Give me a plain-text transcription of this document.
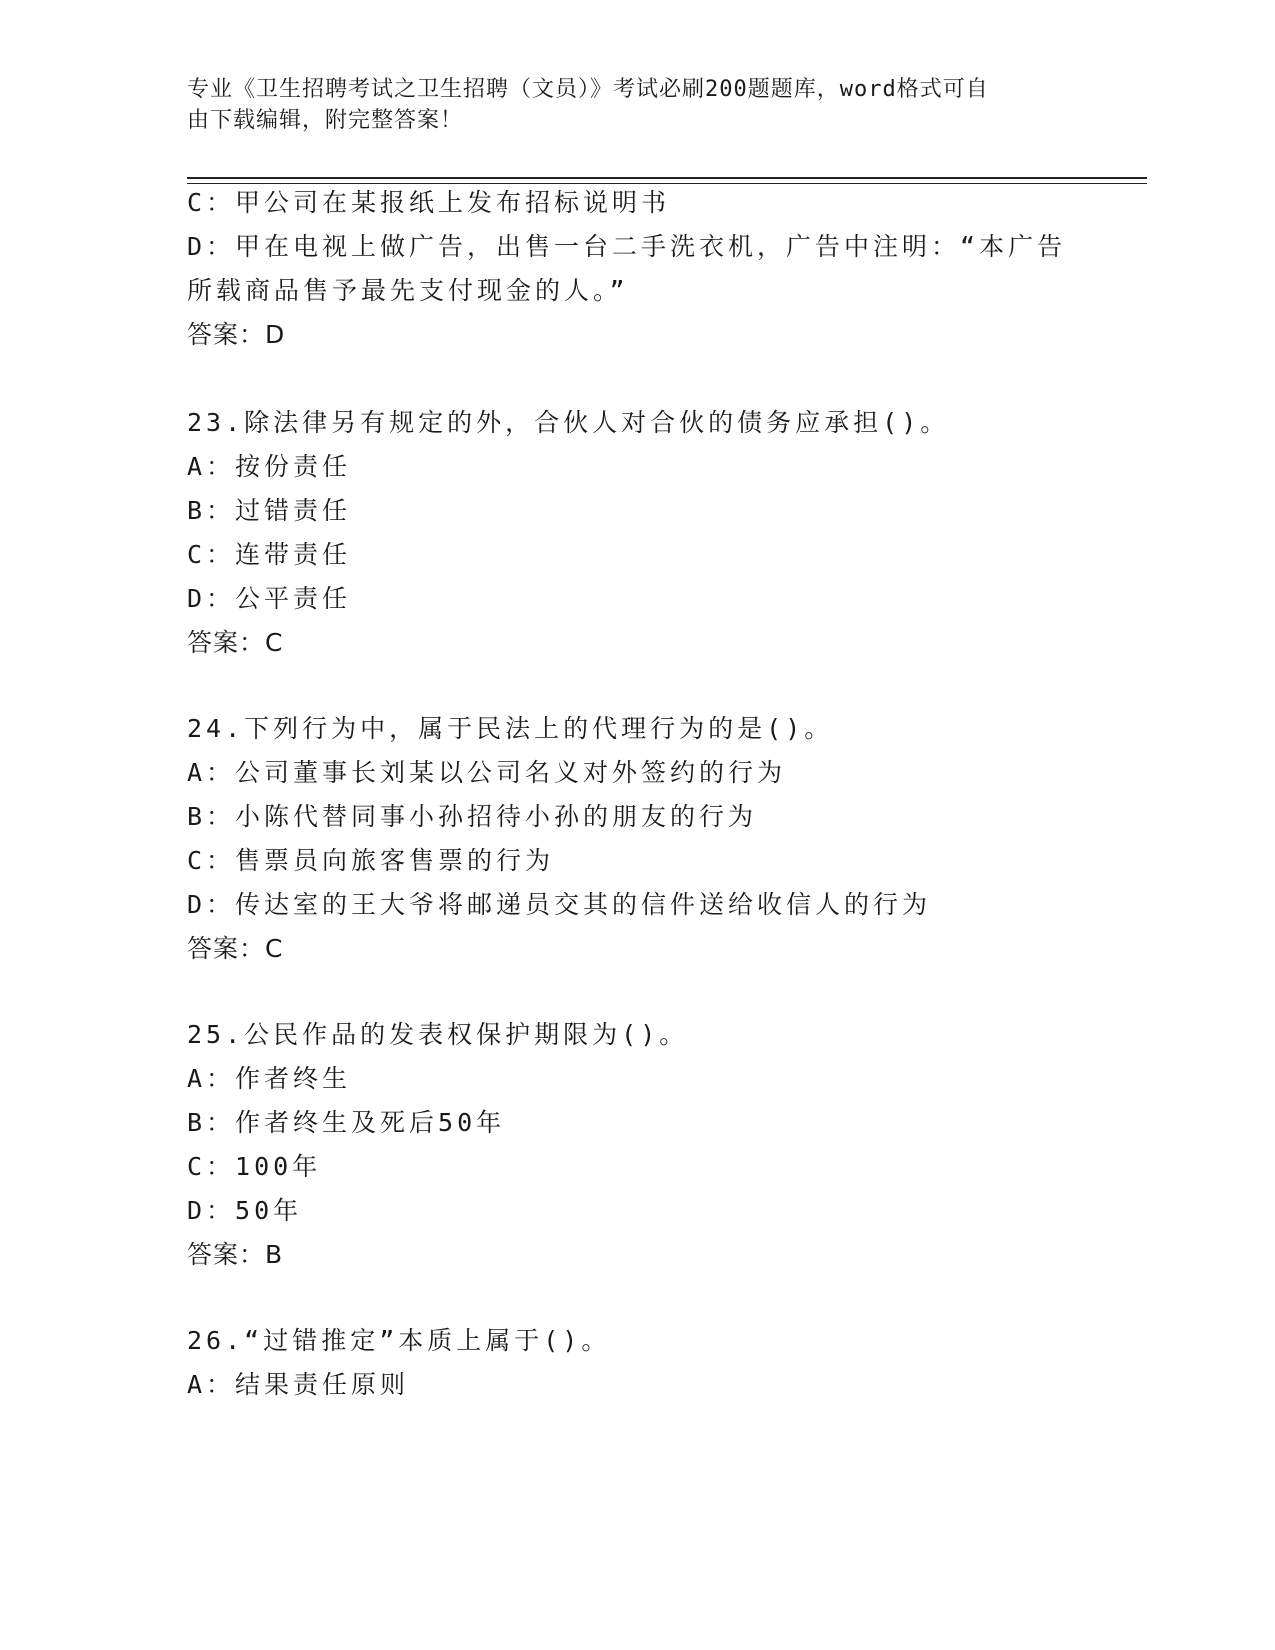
专业《卫生招聘考试之卫生招聘（文员）》考试必刷200题题库，word格式可自
由下载编辑，附完整答案！
C：甲公司在某报纸上发布招标说明书
D：甲在电视上做广告，出售一台二手洗衣机，广告中注明：“本广告
所载商品售予最先支付现金的人。”
答案：D
23.除法律另有规定的外，合伙人对合伙的债务应承担()。
A：按份责任
B：过错责任
C：连带责任
D：公平责任
答案：C
24.下列行为中，属于民法上的代理行为的是()。
A：公司董事长刘某以公司名义对外签约的行为
B：小陈代替同事小孙招待小孙的朋友的行为
C：售票员向旅客售票的行为
D：传达室的王大爷将邮递员交其的信件送给收信人的行为
答案：C
25.公民作品的发表权保护期限为()。
A：作者终生
B：作者终生及死后50年
C：100年
D：50年
答案：B
26.“过错推定”本质上属于()。
A：结果责任原则
